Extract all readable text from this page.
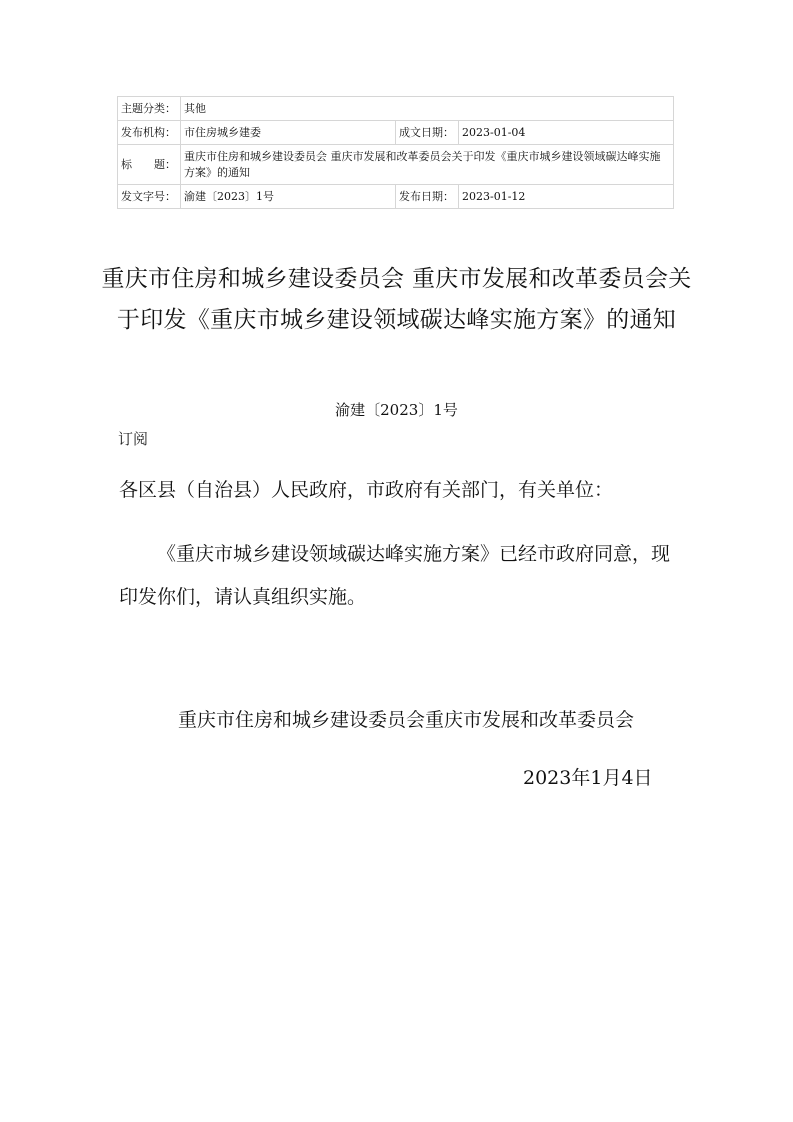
主题分类：	其他		
发布机构：	市住房城乡建委	成文日期：	2023-01-04
标　　题：	重庆市住房和城乡建设委员会 重庆市发展和改革委员会关于印发《重庆市城乡建设领域碳达峰实施方案》的通知		
发文字号：	渝建〔2023〕1号	发布日期：	2023-01-12
重庆市住房和城乡建设委员会 重庆市发展和改革委员会关于印发《重庆市城乡建设领域碳达峰实施方案》的通知
渝建〔2023〕1号
订阅
各区县（自治县）人民政府，市政府有关部门，有关单位：
《重庆市城乡建设领域碳达峰实施方案》已经市政府同意，现印发你们，请认真组织实施。
重庆市住房和城乡建设委员会重庆市发展和改革委员会
2023年1月4日
